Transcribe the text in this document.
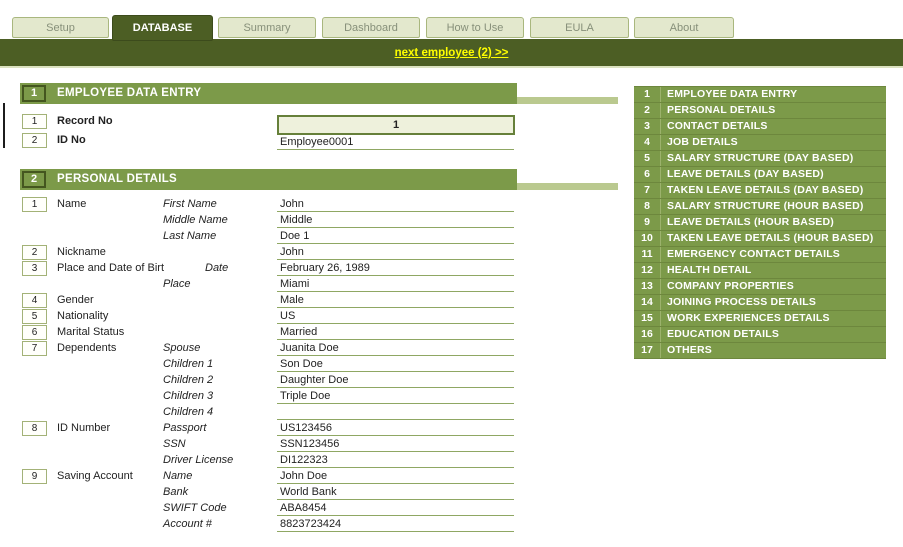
Setup	DATABASE	Summary	Dashboard	How to Use	EULA	About
next employee (2) >>
1	EMPLOYEE DATA ENTRY
1	Record No	1
2	ID No	Employee0001
2	PERSONAL DETAILS
1	Name	First Name	John
Middle Name	Middle
Last Name	Doe 1
2	Nickname	John
3	Place and Date of Birt	Date	February 26, 1989
Place	Miami
4	Gender	Male
5	Nationality	US
6	Marital Status	Married
7	Dependents	Spouse	Juanita Doe
Children 1	Son Doe
Children 2	Daughter Doe
Children 3	Triple Doe
Children 4
8	ID Number	Passport	US123456
SSN	SSN123456
Driver License	DI122323
9	Saving Account	Name	John Doe
Bank	World Bank
SWIFT Code	ABA8454
Account #	8823723424
1	EMPLOYEE DATA ENTRY
2	PERSONAL DETAILS
3	CONTACT DETAILS
4	JOB DETAILS
5	SALARY STRUCTURE (DAY BASED)
6	LEAVE DETAILS (DAY BASED)
7	TAKEN LEAVE DETAILS (DAY BASED)
8	SALARY STRUCTURE (HOUR BASED)
9	LEAVE DETAILS (HOUR BASED)
10	TAKEN LEAVE DETAILS (HOUR BASED)
11	EMERGENCY CONTACT DETAILS
12	HEALTH DETAIL
13	COMPANY PROPERTIES
14	JOINING PROCESS DETAILS
15	WORK EXPERIENCES DETAILS
16	EDUCATION DETAILS
17	OTHERS
